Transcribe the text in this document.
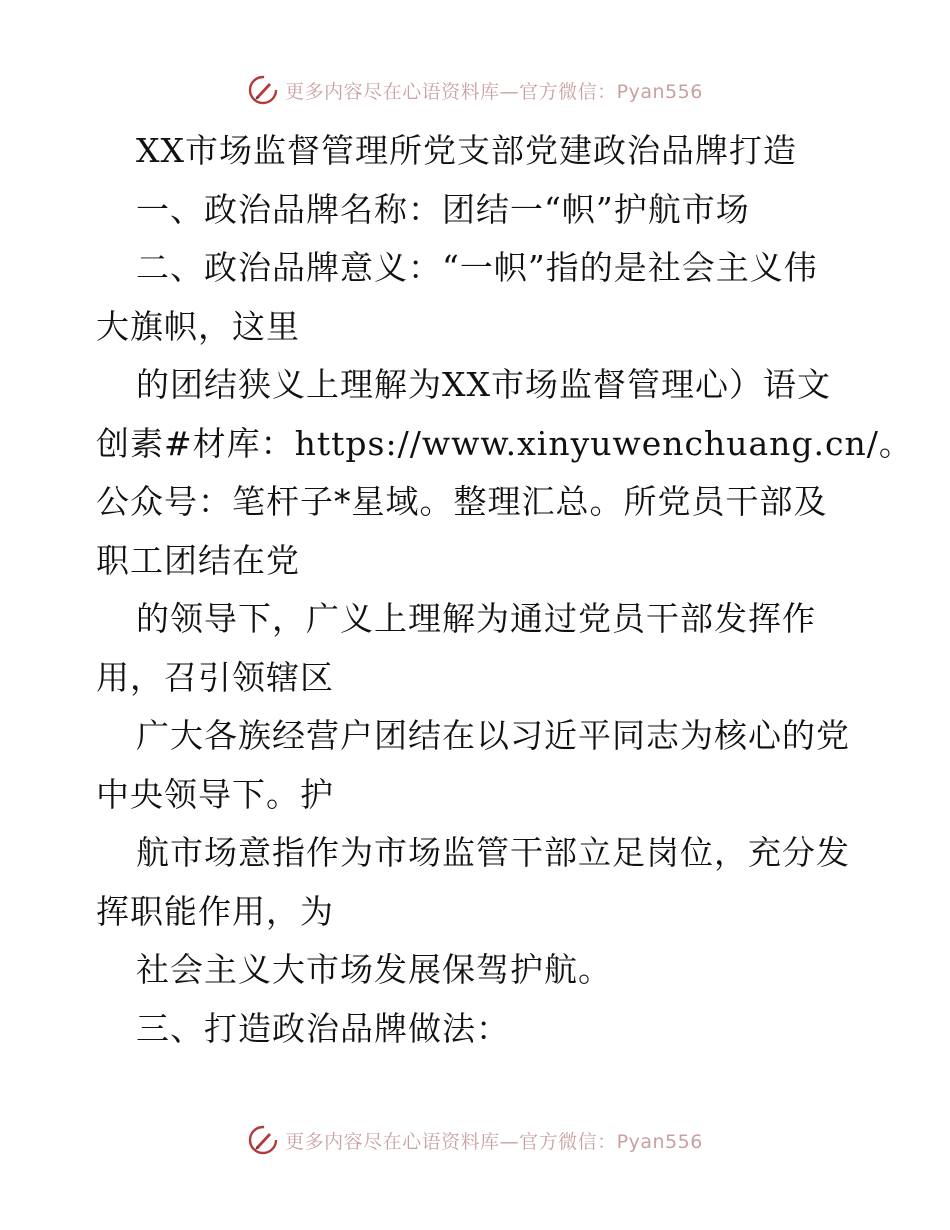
更多内容尽在心语资料库—官方微信：Pyan556
XX市场监督管理所党支部党建政治品牌打造
一、政治品牌名称：团结一“帜”护航市场
二、政治品牌意义：“一帜”指的是社会主义伟
大旗帜，这里
的团结狭义上理解为XX市场监督管理心）语文
创素#材库：https://www.xinyuwenchuang.cn/。
公众号：笔杆子*星域。整理汇总。所党员干部及
职工团结在党
的领导下，广义上理解为通过党员干部发挥作
用，召引领辖区
广大各族经营户团结在以习近平同志为核心的党
中央领导下。护
航市场意指作为市场监管干部立足岗位，充分发
挥职能作用，为
社会主义大市场发展保驾护航。
三、打造政治品牌做法：
更多内容尽在心语资料库—官方微信：Pyan556
